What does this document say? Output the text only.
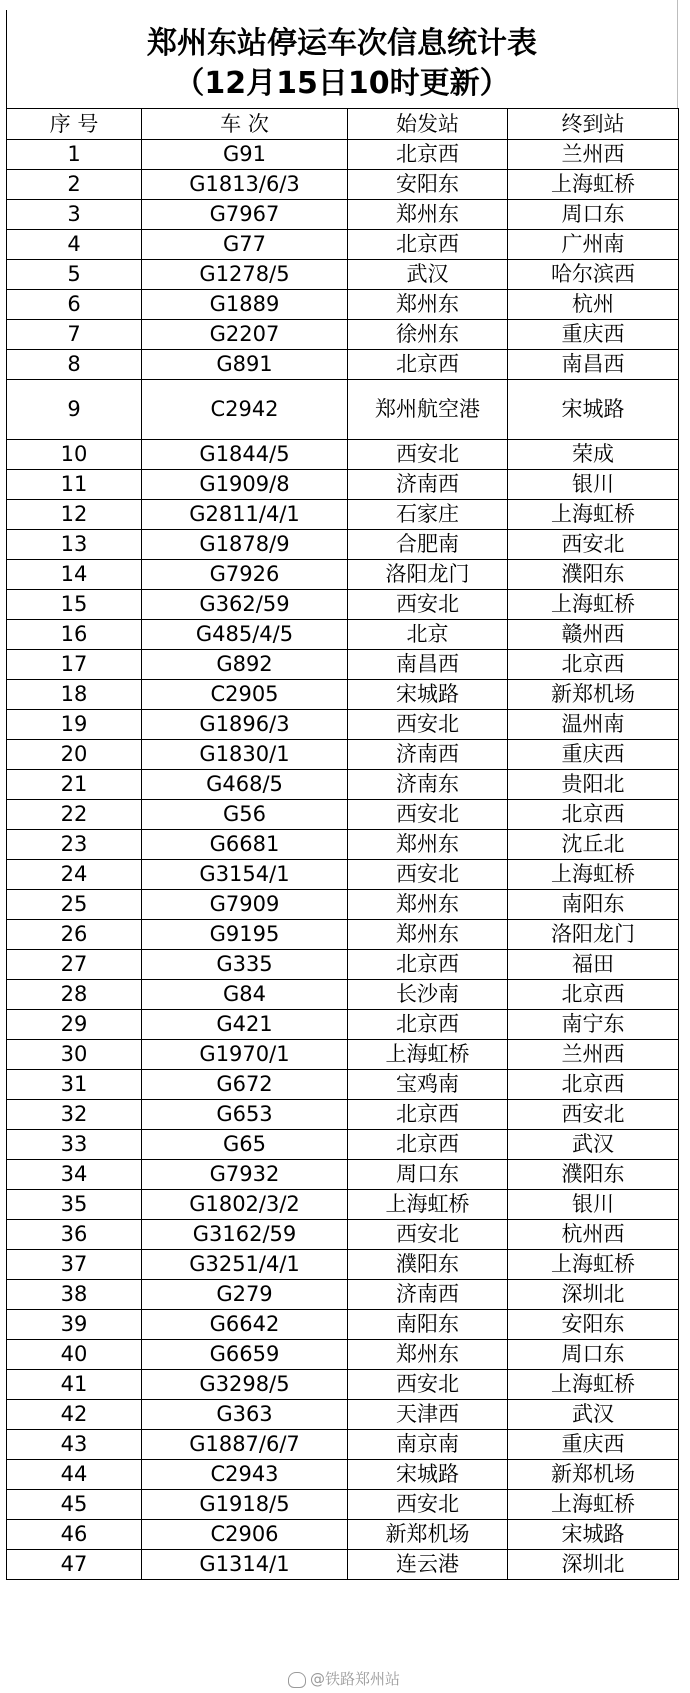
郑州东站停运车次信息统计表
（12月15日10时更新）
序 号	车 次	始发站	终到站
1	G91	北京西	兰州西
2	G1813/6/3	安阳东	上海虹桥
3	G7967	郑州东	周口东
4	G77	北京西	广州南
5	G1278/5	武汉	哈尔滨西
6	G1889	郑州东	杭州
7	G2207	徐州东	重庆西
8	G891	北京西	南昌西
9	C2942	郑州航空港	宋城路
10	G1844/5	西安北	荣成
11	G1909/8	济南西	银川
12	G2811/4/1	石家庄	上海虹桥
13	G1878/9	合肥南	西安北
14	G7926	洛阳龙门	濮阳东
15	G362/59	西安北	上海虹桥
16	G485/4/5	北京	赣州西
17	G892	南昌西	北京西
18	C2905	宋城路	新郑机场
19	G1896/3	西安北	温州南
20	G1830/1	济南西	重庆西
21	G468/5	济南东	贵阳北
22	G56	西安北	北京西
23	G6681	郑州东	沈丘北
24	G3154/1	西安北	上海虹桥
25	G7909	郑州东	南阳东
26	G9195	郑州东	洛阳龙门
27	G335	北京西	福田
28	G84	长沙南	北京西
29	G421	北京西	南宁东
30	G1970/1	上海虹桥	兰州西
31	G672	宝鸡南	北京西
32	G653	北京西	西安北
33	G65	北京西	武汉
34	G7932	周口东	濮阳东
35	G1802/3/2	上海虹桥	银川
36	G3162/59	西安北	杭州西
37	G3251/4/1	濮阳东	上海虹桥
38	G279	济南西	深圳北
39	G6642	南阳东	安阳东
40	G6659	郑州东	周口东
41	G3298/5	西安北	上海虹桥
42	G363	天津西	武汉
43	G1887/6/7	南京南	重庆西
44	C2943	宋城路	新郑机场
45	G1918/5	西安北	上海虹桥
46	C2906	新郑机场	宋城路
47	G1314/1	连云港	深圳北
@铁路郑州站
